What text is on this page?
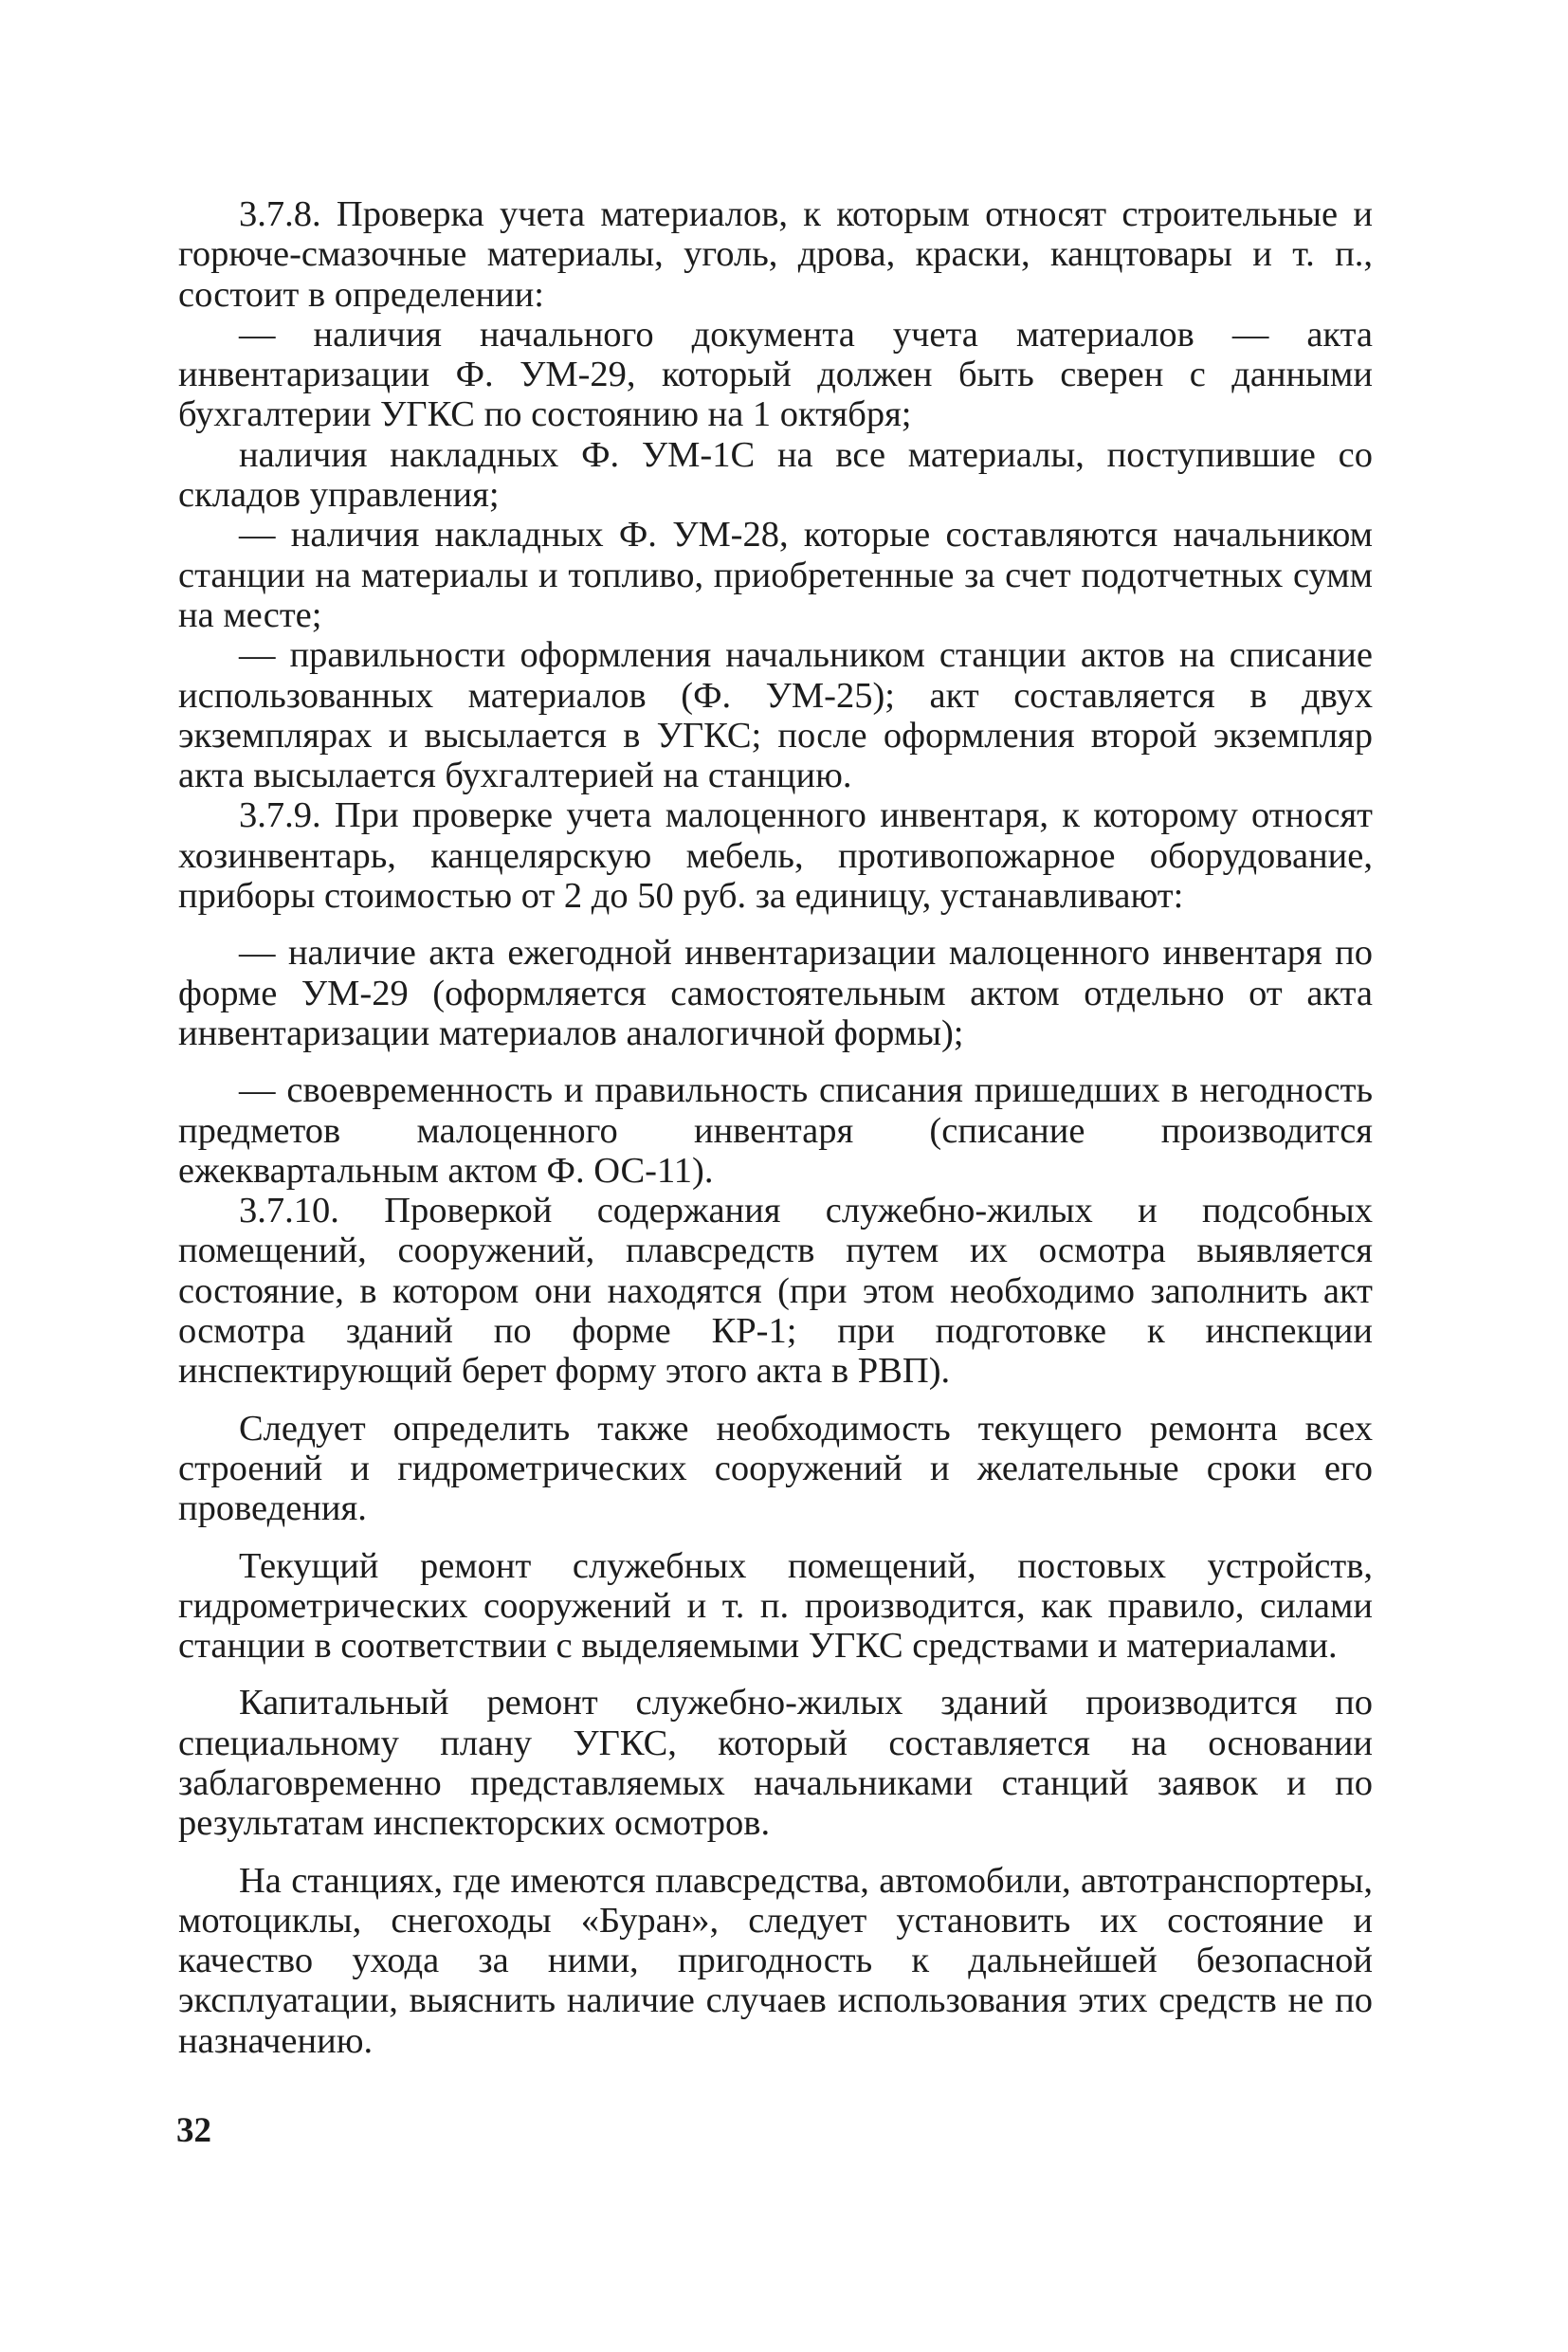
3.7.8. Проверка учета материалов, к которым относят строительные и горюче-смазочные материалы, уголь, дрова, краски, канцтовары и т. п., состоит в определении:

— наличия начального документа учета материалов — акта инвентаризации Ф. УМ-29, который должен быть сверен с данными бухгалтерии УГКС по состоянию на 1 октября;

наличия накладных Ф. УМ-1С на все материалы, поступившие со складов управления;

— наличия накладных Ф. УМ-28, которые составляются начальником станции на материалы и топливо, приобретенные за счет подотчетных сумм на месте;

— правильности оформления начальником станции актов на списание использованных материалов (Ф. УМ-25); акт составляется в двух экземплярах и высылается в УГКС; после оформления второй экземпляр акта высылается бухгалтерией на станцию.

3.7.9. При проверке учета малоценного инвентаря, к которому относят хозинвентарь, канцелярскую мебель, противопожарное оборудование, приборы стоимостью от 2 до 50 руб. за единицу, устанавливают:

— наличие акта ежегодной инвентаризации малоценного инвентаря по форме УМ-29 (оформляется самостоятельным актом отдельно от акта инвентаризации материалов аналогичной формы);

— своевременность и правильность списания пришедших в негодность предметов малоценного инвентаря (списание производится ежеквартальным актом Ф. ОС-11).

3.7.10. Проверкой содержания служебно-жилых и подсобных помещений, сооружений, плавсредств путем их осмотра выявляется состояние, в котором они находятся (при этом необходимо заполнить акт осмотра зданий по форме КР-1; при подготовке к инспекции инспектирующий берет форму этого акта в РВП).

Следует определить также необходимость текущего ремонта всех строений и гидрометрических сооружений и желательные сроки его проведения.

Текущий ремонт служебных помещений, постовых устройств, гидрометрических сооружений и т. п. производится, как правило, силами станции в соответствии с выделяемыми УГКС средствами и материалами.

Капитальный ремонт служебно-жилых зданий производится по специальному плану УГКС, который составляется на основании заблаговременно представляемых начальниками станций заявок и по результатам инспекторских осмотров.

На станциях, где имеются плавсредства, автомобили, автотранспортеры, мотоциклы, снегоходы «Буран», следует установить их состояние и качество ухода за ними, пригодность к дальнейшей безопасной эксплуатации, выяснить наличие случаев использования этих средств не по назначению.

32
